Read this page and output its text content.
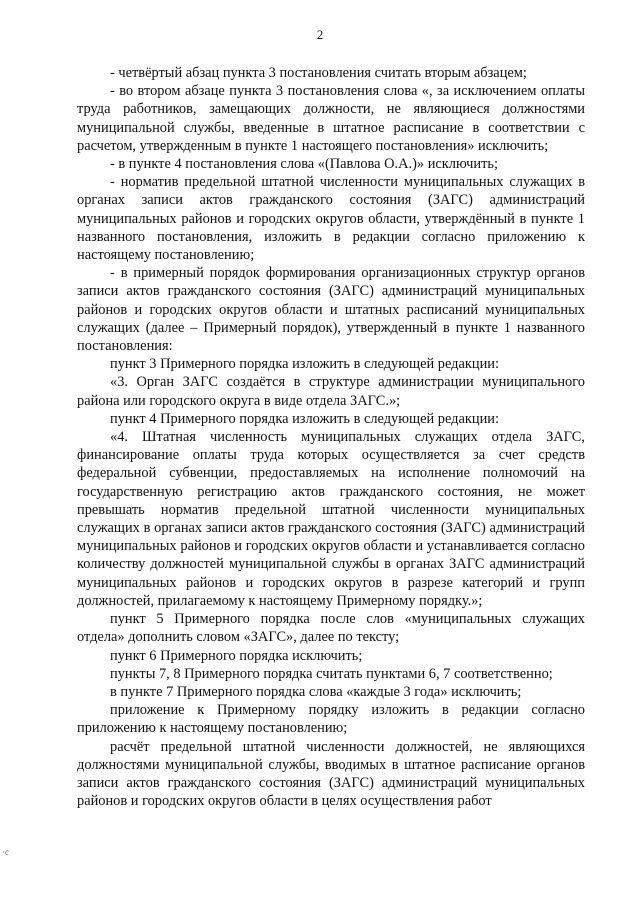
2

- четвёртый абзац пункта 3 постановления считать вторым абзацем;

- во втором абзаце пункта 3 постановления слова «, за исключением оплаты труда работников, замещающих должности, не являющиеся должностями муниципальной службы, введенные в штатное расписание в соответствии с расчетом, утвержденным в пункте 1 настоящего постановления» исключить;

- в пункте 4 постановления слова «(Павлова О.А.)» исключить;

- норматив предельной штатной численности муниципальных служащих в органах записи актов гражданского состояния (ЗАГС) администраций муниципальных районов и городских округов области, утверждённый в пункте 1 названного постановления, изложить в редакции согласно приложению к настоящему постановлению;

- в примерный порядок формирования организационных структур органов записи актов гражданского состояния (ЗАГС) администраций муниципальных районов и городских округов области и штатных расписаний муниципальных служащих (далее – Примерный порядок), утвержденный в пункте 1 названного постановления:

пункт 3 Примерного порядка изложить в следующей редакции:

«3. Орган ЗАГС создаётся в структуре администрации муниципального района или городского округа в виде отдела ЗАГС.»;

пункт 4 Примерного порядка изложить в следующей редакции:

«4. Штатная численность муниципальных служащих отдела ЗАГС, финансирование оплаты труда которых осуществляется за счет средств федеральной субвенции, предоставляемых на исполнение полномочий на государственную регистрацию актов гражданского состояния, не может превышать норматив предельной штатной численности муниципальных служащих в органах записи актов гражданского состояния (ЗАГС) администраций муниципальных районов и городских округов области и устанавливается согласно количеству должностей муниципальной службы в органах ЗАГС администраций муниципальных районов и городских округов в разрезе категорий и групп должностей, прилагаемому к настоящему Примерному порядку.»;

пункт 5 Примерного порядка после слов «муниципальных служащих отдела» дополнить словом «ЗАГС», далее по тексту;

пункт 6 Примерного порядка исключить;

пункты 7, 8 Примерного порядка считать пунктами 6, 7 соответственно;

в пункте 7 Примерного порядка слова «каждые 3 года» исключить;

приложение к Примерному порядку изложить в редакции согласно приложению к настоящему постановлению;

расчёт предельной штатной численности должностей, не являющихся должностями муниципальной службы, вводимых в штатное расписание органов записи актов гражданского состояния (ЗАГС) администраций муниципальных районов и городских округов области в целях осуществления работ

·с
